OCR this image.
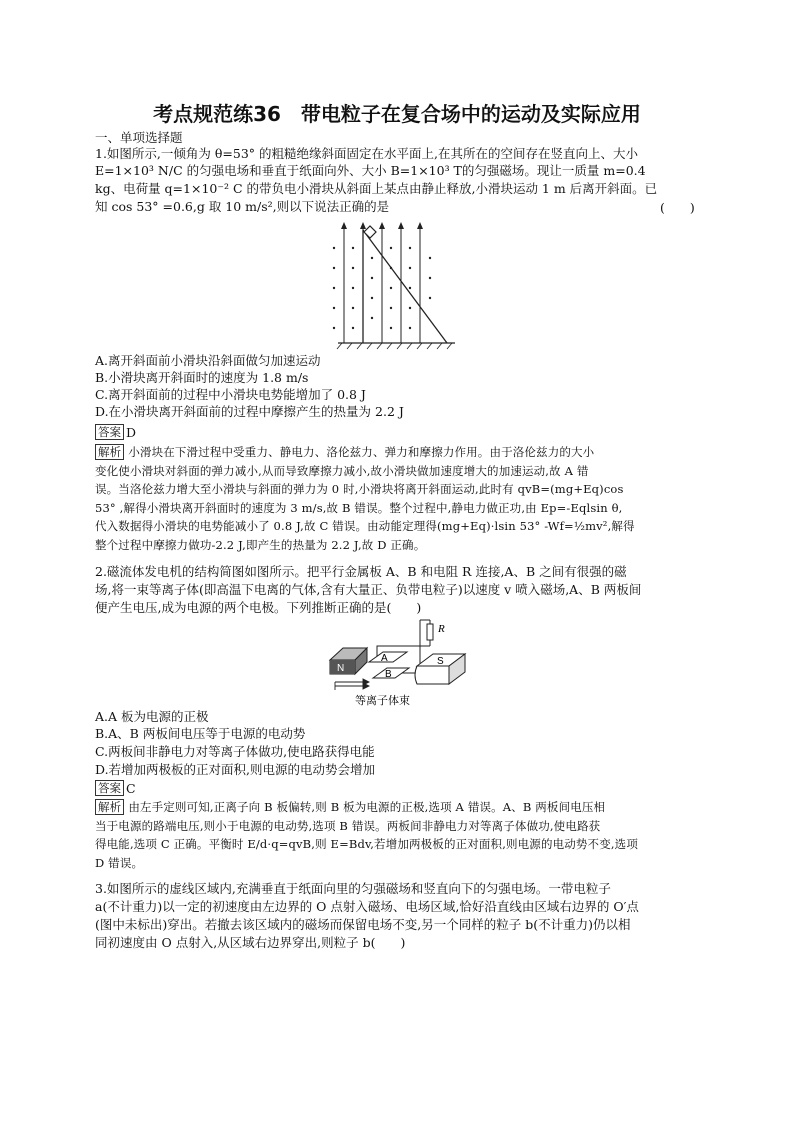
考点规范练36　带电粒子在复合场中的运动及实际应用
一、单项选择题
1.如图所示,一倾角为 θ=53° 的粗糙绝缘斜面固定在水平面上,在其所在的空间存在竖直向上、大小
E=1×10³ N/C 的匀强电场和垂直于纸面向外、大小 B=1×10³ T的匀强磁场。现让一质量 m=0.4
kg、电荷量 q=1×10⁻² C 的带负电小滑块从斜面上某点由静止释放,小滑块运动 1 m 后离开斜面。已
知 cos 53° =0.6,g 取 10 m/s²,则以下说法正确的是	(　　)
A.离开斜面前小滑块沿斜面做匀加速运动
B.小滑块离开斜面时的速度为 1.8 m/s
C.离开斜面前的过程中小滑块电势能增加了 0.8 J
D.在小滑块离开斜面前的过程中摩擦产生的热量为 2.2 J
答案 D
解析 小滑块在下滑过程中受重力、静电力、洛伦兹力、弹力和摩擦力作用。由于洛伦兹力的大小
变化使小滑块对斜面的弹力减小,从而导致摩擦力减小,故小滑块做加速度增大的加速运动,故 A 错
误。当洛伦兹力增大至小滑块与斜面的弹力为 0 时,小滑块将离开斜面运动,此时有 qvB=(mg+Eq)cos
53° ,解得小滑块离开斜面时的速度为 3 m/s,故 B 错误。整个过程中,静电力做正功,由 Ep=-Eqlsin θ,
代入数据得小滑块的电势能减小了 0.8 J,故 C 错误。由动能定理得(mg+Eq)·lsin 53° -Wf=½mv²,解得
整个过程中摩擦力做功-2.2 J,即产生的热量为 2.2 J,故 D 正确。
2.磁流体发电机的结构简图如图所示。把平行金属板 A、B 和电阻 R 连接,A、B 之间有很强的磁
场,将一束等离子体(即高温下电离的气体,含有大量正、负带电粒子)以速度 v 喷入磁场,A、B 两板间
便产生电压,成为电源的两个电极。下列推断正确的是(　　)
R
N
A
B
S
等离子体束
A.A 板为电源的正极
B.A、B 两板间电压等于电源的电动势
C.两板间非静电力对等离子体做功,使电路获得电能
D.若增加两极板的正对面积,则电源的电动势会增加
答案 C
解析 由左手定则可知,正离子向 B 板偏转,则 B 板为电源的正极,选项 A 错误。A、B 两板间电压相
当于电源的路端电压,则小于电源的电动势,选项 B 错误。两板间非静电力对等离子体做功,使电路获
得电能,选项 C 正确。平衡时 E/d·q=qvB,则 E=Bdv,若增加两极板的正对面积,则电源的电动势不变,选项
D 错误。
3.如图所示的虚线区域内,充满垂直于纸面向里的匀强磁场和竖直向下的匀强电场。一带电粒子
a(不计重力)以一定的初速度由左边界的 O 点射入磁场、电场区域,恰好沿直线由区域右边界的 O′点
(图中未标出)穿出。若撤去该区域内的磁场而保留电场不变,另一个同样的粒子 b(不计重力)仍以相
同初速度由 O 点射入,从区域右边界穿出,则粒子 b(　　)
